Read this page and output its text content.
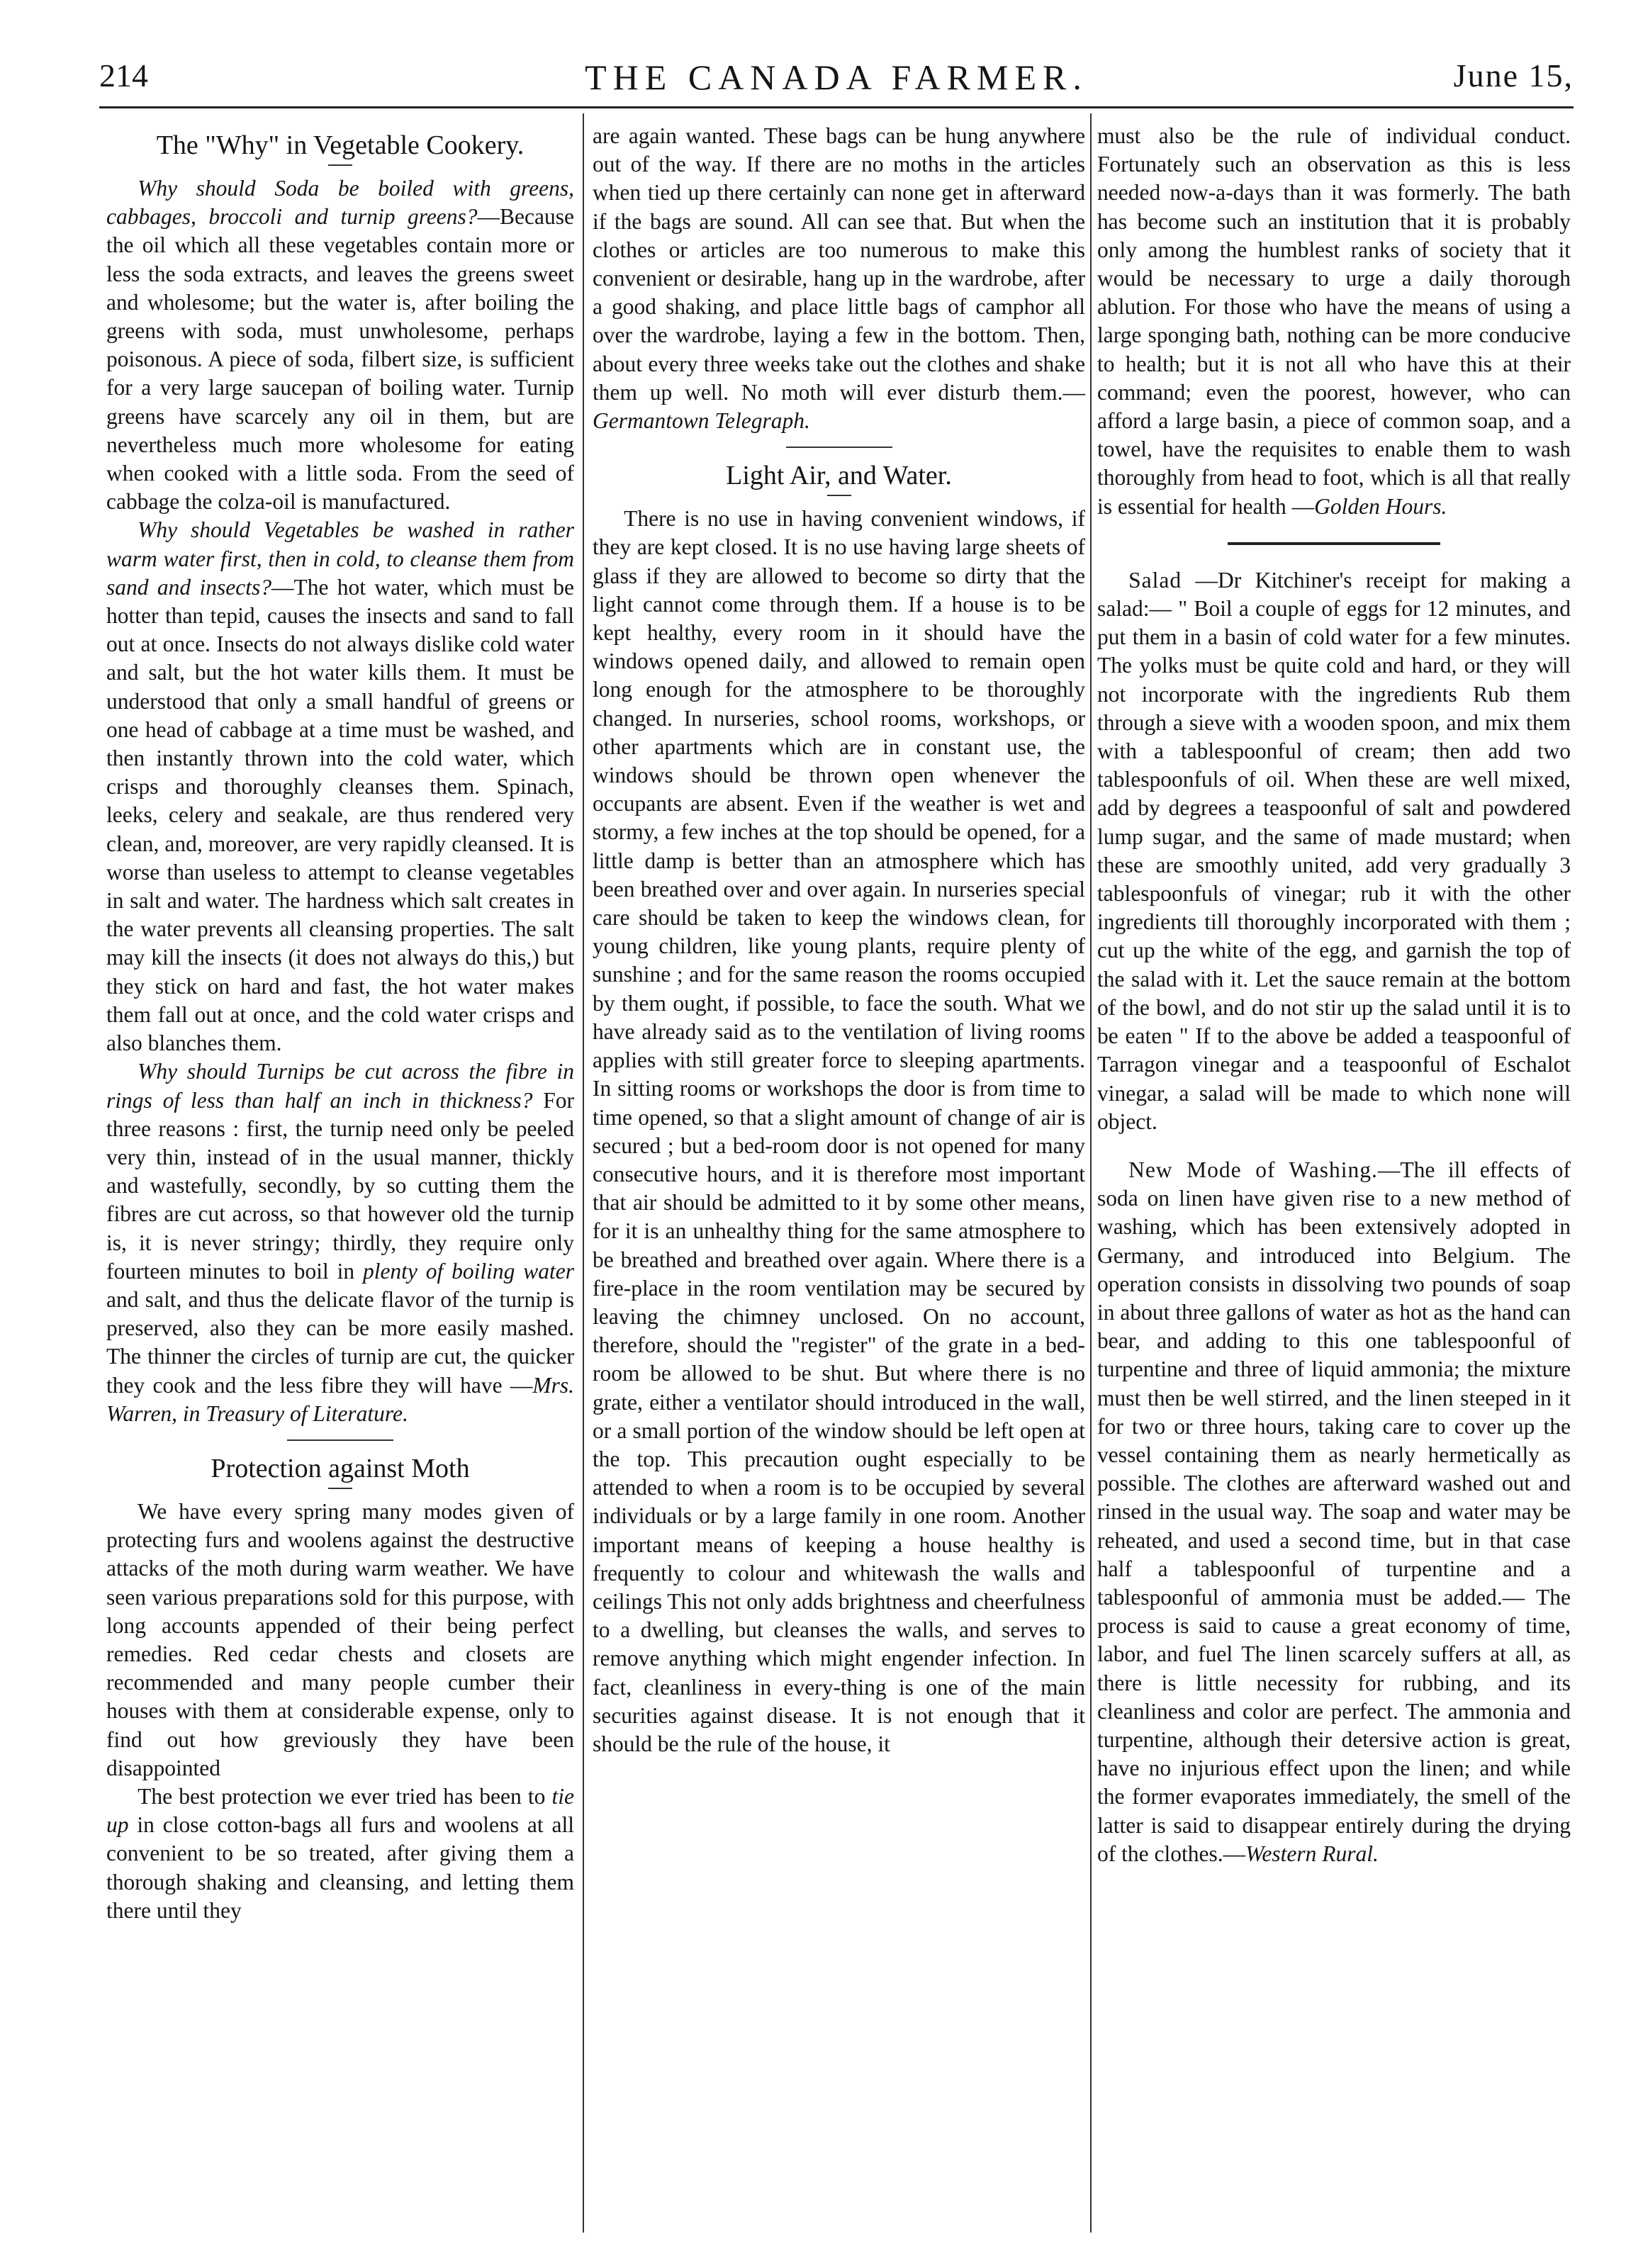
214	THE CANADA FARMER.	June 15,
The "Why" in Vegetable Cookery.

Why should Soda be boiled with greens, cabbages, broccoli and turnip greens?—Because the oil which all these vegetables contain more or less the soda extracts, and leaves the greens sweet and wholesome; but the water is, after boiling the greens with soda, must unwholesome, perhaps poisonous. A piece of soda, filbert size, is sufficient for a very large saucepan of boiling water. Turnip greens have scarcely any oil in them, but are nevertheless much more wholesome for eating when cooked with a little soda. From the seed of cabbage the colza-oil is manufactured.

Why should Vegetables be washed in rather warm water first, then in cold, to cleanse them from sand and insects?—The hot water, which must be hotter than tepid, causes the insects and sand to fall out at once. Insects do not always dislike cold water and salt, but the hot water kills them. It must be understood that only a small handful of greens or one head of cabbage at a time must be washed, and then instantly thrown into the cold water, which crisps and thoroughly cleanses them. Spinach, leeks, celery and seakale, are thus rendered very clean, and, moreover, are very rapidly cleansed. It is worse than useless to attempt to cleanse vegetables in salt and water. The hardness which salt creates in the water prevents all cleansing properties. The salt may kill the insects (it does not always do this,) but they stick on hard and fast, the hot water makes them fall out at once, and the cold water crisps and also blanches them.

Why should Turnips be cut across the fibre in rings of less than half an inch in thickness? For three reasons : first, the turnip need only be peeled very thin, instead of in the usual manner, thickly and wastefully, secondly, by so cutting them the fibres are cut across, so that however old the turnip is, it is never stringy; thirdly, they require only fourteen minutes to boil in plenty of boiling water and salt, and thus the delicate flavor of the turnip is preserved, also they can be more easily mashed. The thinner the circles of turnip are cut, the quicker they cook and the less fibre they will have —Mrs. Warren, in Treasury of Literature.

Protection against Moth

We have every spring many modes given of protecting furs and woolens against the destructive attacks of the moth during warm weather. We have seen various preparations sold for this purpose, with long accounts appended of their being perfect remedies. Red cedar chests and closets are recommended and many people cumber their houses with them at considerable expense, only to find out how greviously they have been disappointed

The best protection we ever tried has been to tie up in close cotton-bags all furs and woolens at all convenient to be so treated, after giving them a thorough shaking and cleansing, and letting them there until they

are again wanted. These bags can be hung anywhere out of the way. If there are no moths in the articles when tied up there certainly can none get in afterward if the bags are sound. All can see that. But when the clothes or articles are too numerous to make this convenient or desirable, hang up in the wardrobe, after a good shaking, and place little bags of camphor all over the wardrobe, laying a few in the bottom. Then, about every three weeks take out the clothes and shake them up well. No moth will ever disturb them.—Germantown Telegraph.

Light Air, and Water.

There is no use in having convenient windows, if they are kept closed. It is no use having large sheets of glass if they are allowed to become so dirty that the light cannot come through them. If a house is to be kept healthy, every room in it should have the windows opened daily, and allowed to remain open long enough for the atmosphere to be thoroughly changed. In nurseries, school rooms, workshops, or other apartments which are in constant use, the windows should be thrown open whenever the occupants are absent. Even if the weather is wet and stormy, a few inches at the top should be opened, for a little damp is better than an atmosphere which has been breathed over and over again. In nurseries special care should be taken to keep the windows clean, for young children, like young plants, require plenty of sunshine ; and for the same reason the rooms occupied by them ought, if possible, to face the south. What we have already said as to the ventilation of living rooms applies with still greater force to sleeping apartments. In sitting rooms or workshops the door is from time to time opened, so that a slight amount of change of air is secured ; but a bed-room door is not opened for many consecutive hours, and it is therefore most important that air should be admitted to it by some other means, for it is an unhealthy thing for the same atmosphere to be breathed and breathed over again. Where there is a fire-place in the room ventilation may be secured by leaving the chimney unclosed. On no account, therefore, should the "register" of the grate in a bed-room be allowed to be shut. But where there is no grate, either a ventilator should introduced in the wall, or a small portion of the window should be left open at the top. This precaution ought especially to be attended to when a room is to be occupied by several individuals or by a large family in one room. Another important means of keeping a house healthy is frequently to colour and whitewash the walls and ceilings This not only adds brightness and cheerfulness to a dwelling, but cleanses the walls, and serves to remove anything which might engender infection. In fact, cleanliness in every-thing is one of the main securities against disease. It is not enough that it should be the rule of the house, it

must also be the rule of individual conduct. Fortunately such an observation as this is less needed now-a-days than it was formerly. The bath has become such an institution that it is probably only among the humblest ranks of society that it would be necessary to urge a daily thorough ablution. For those who have the means of using a large sponging bath, nothing can be more conducive to health; but it is not all who have this at their command; even the poorest, however, who can afford a large basin, a piece of common soap, and a towel, have the requisites to enable them to wash thoroughly from head to foot, which is all that really is essential for health —Golden Hours.

Salad —Dr Kitchiner's receipt for making a salad:— " Boil a couple of eggs for 12 minutes, and put them in a basin of cold water for a few minutes. The yolks must be quite cold and hard, or they will not incorporate with the ingredients Rub them through a sieve with a wooden spoon, and mix them with a tablespoonful of cream; then add two tablespoonfuls of oil. When these are well mixed, add by degrees a teaspoonful of salt and powdered lump sugar, and the same of made mustard; when these are smoothly united, add very gradually 3 tablespoonfuls of vinegar; rub it with the other ingredients till thoroughly incorporated with them ; cut up the white of the egg, and garnish the top of the salad with it. Let the sauce remain at the bottom of the bowl, and do not stir up the salad until it is to be eaten " If to the above be added a teaspoonful of Tarragon vinegar and a teaspoonful of Eschalot vinegar, a salad will be made to which none will object.

New Mode of Washing.—The ill effects of soda on linen have given rise to a new method of washing, which has been extensively adopted in Germany, and introduced into Belgium. The operation consists in dissolving two pounds of soap in about three gallons of water as hot as the hand can bear, and adding to this one tablespoonful of turpentine and three of liquid ammonia; the mixture must then be well stirred, and the linen steeped in it for two or three hours, taking care to cover up the vessel containing them as nearly hermetically as possible. The clothes are afterward washed out and rinsed in the usual way. The soap and water may be reheated, and used a second time, but in that case half a tablespoonful of turpentine and a tablespoonful of ammonia must be added.— The process is said to cause a great economy of time, labor, and fuel The linen scarcely suffers at all, as there is little necessity for rubbing, and its cleanliness and color are perfect. The ammonia and turpentine, although their detersive action is great, have no injurious effect upon the linen; and while the former evaporates immediately, the smell of the latter is said to disappear entirely during the drying of the clothes.—Western Rural.
